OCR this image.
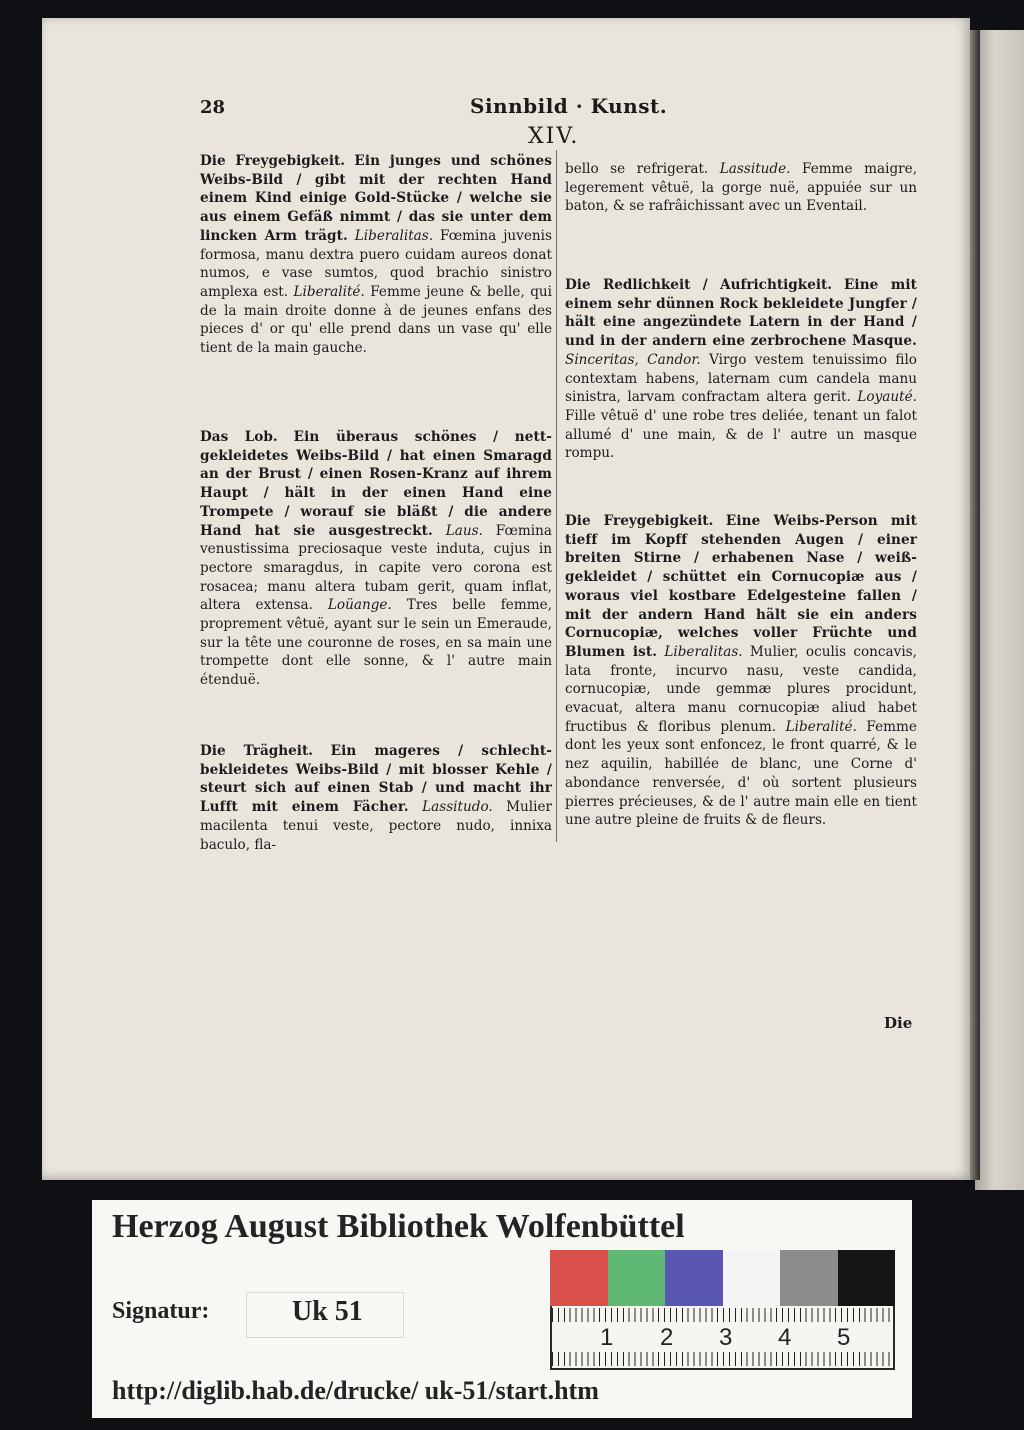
28	Sinnbild · Kunst.
XIV.
Die Freygebigkeit. Ein junges und schönes Weibs-Bild / gibt mit der rechten Hand einem Kind einige Gold-Stücke / welche sie aus einem Gefäß nimmt / das sie unter dem lincken Arm trägt. Liberalitas. Fœmina juvenis formosa, manu dextra puero cuidam aureos donat numos, e vase sumtos, quod brachio sinistro amplexa est. Liberalité. Femme jeune & belle, qui de la main droite donne à de jeunes enfans des pieces d' or qu' elle prend dans un vase qu' elle tient de la main gauche.
Das Lob. Ein überaus schönes / nett-gekleidetes Weibs-Bild / hat einen Smaragd an der Brust / einen Rosen-Kranz auf ihrem Haupt / hält in der einen Hand eine Trompete / worauf sie bläßt / die andere Hand hat sie ausgestreckt. Laus. Fœmina venustissima preciosaque veste induta, cujus in pectore smaragdus, in capite vero corona est rosacea; manu altera tubam gerit, quam inflat, altera extensa. Loüange. Tres belle femme, proprement vêtuë, ayant sur le sein un Emeraude, sur la tête une couronne de roses, en sa main une trompette dont elle sonne, & l' autre main étenduë.
Die Trägheit. Ein mageres / schlecht-bekleidetes Weibs-Bild / mit blosser Kehle / steurt sich auf einen Stab / und macht ihr Lufft mit einem Fächer. Lassitudo. Mulier macilenta tenui veste, pectore nudo, innixa baculo, fla-
bello se refrigerat. Lassitude. Femme maigre, legerement vêtuë, la gorge nuë, appuiée sur un baton, & se rafrâichissant avec un Eventail.
Die Redlichkeit / Aufrichtigkeit. Eine mit einem sehr dünnen Rock bekleidete Jungfer / hält eine angezündete Latern in der Hand / und in der andern eine zerbrochene Masque. Sinceritas, Candor. Virgo vestem tenuissimo filo contextam habens, laternam cum candela manu sinistra, larvam confractam altera gerit. Loyauté. Fille vêtuë d' une robe tres deliée, tenant un falot allumé d' une main, & de l' autre un masque rompu.
Die Freygebigkeit. Eine Weibs-Person mit tieff im Kopff stehenden Augen / einer breiten Stirne / erhabenen Nase / weiß-gekleidet / schüttet ein Cornucopiæ aus / woraus viel kostbare Edelgesteine fallen / mit der andern Hand hält sie ein anders Cornucopiæ, welches voller Früchte und Blumen ist. Liberalitas. Mulier, oculis concavis, lata fronte, incurvo nasu, veste candida, cornucopiæ, unde gemmæ plures procidunt, evacuat, altera manu cornucopiæ aliud habet fructibus & floribus plenum. Liberalité. Femme dont les yeux sont enfoncez, le front quarré, & le nez aquilin, habillée de blanc, une Corne d' abondance renversée, d' où sortent plusieurs pierres précieuses, & de l' autre main elle en tient une autre pleine de fruits & de fleurs.
Die
Herzog August Bibliothek Wolfenbüttel
1 2 3 4 5
Signatur:	Uk 51
http://diglib.hab.de/drucke/ uk-51/start.htm
